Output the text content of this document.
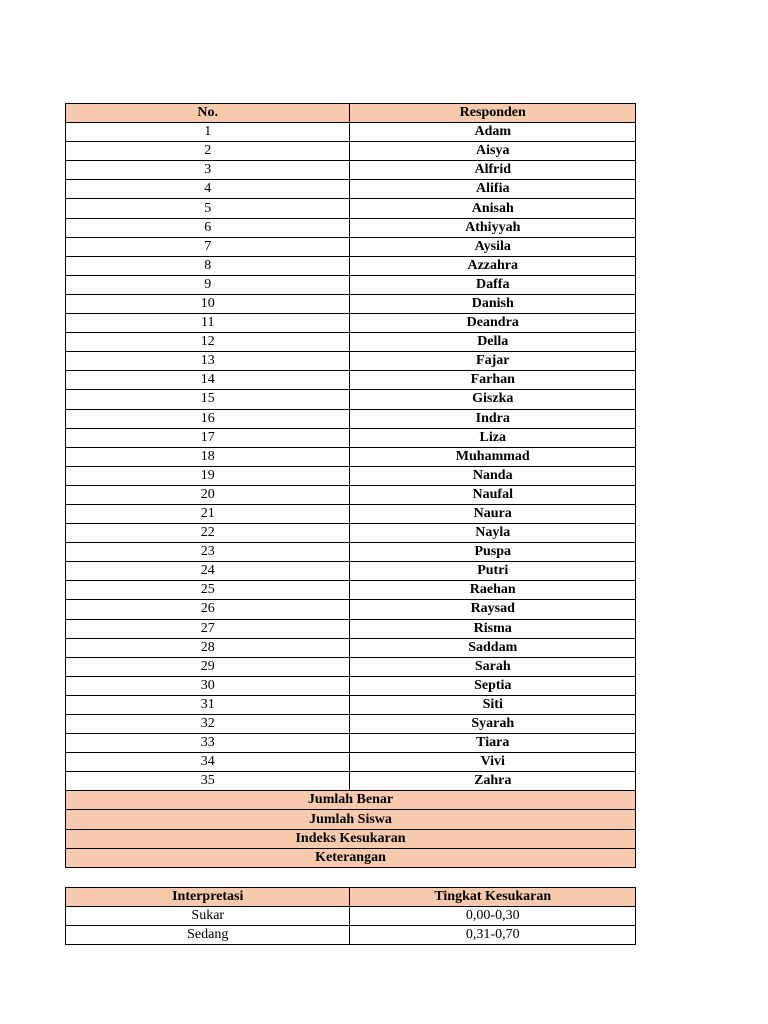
No.	Responden
1	Adam
2	Aisya
3	Alfrid
4	Alifia
5	Anisah
6	Athiyyah
7	Aysila
8	Azzahra
9	Daffa
10	Danish
11	Deandra
12	Della
13	Fajar
14	Farhan
15	Giszka
16	Indra
17	Liza
18	Muhammad
19	Nanda
20	Naufal
21	Naura
22	Nayla
23	Puspa
24	Putri
25	Raehan
26	Raysad
27	Risma
28	Saddam
29	Sarah
30	Septia
31	Siti
32	Syarah
33	Tiara
34	Vivi
35	Zahra
Jumlah Benar	
Jumlah Siswa	
Indeks Kesukaran	
Keterangan	
Interpretasi	Tingkat Kesukaran
Sukar	0,00-0,30
Sedang	0,31-0,70
